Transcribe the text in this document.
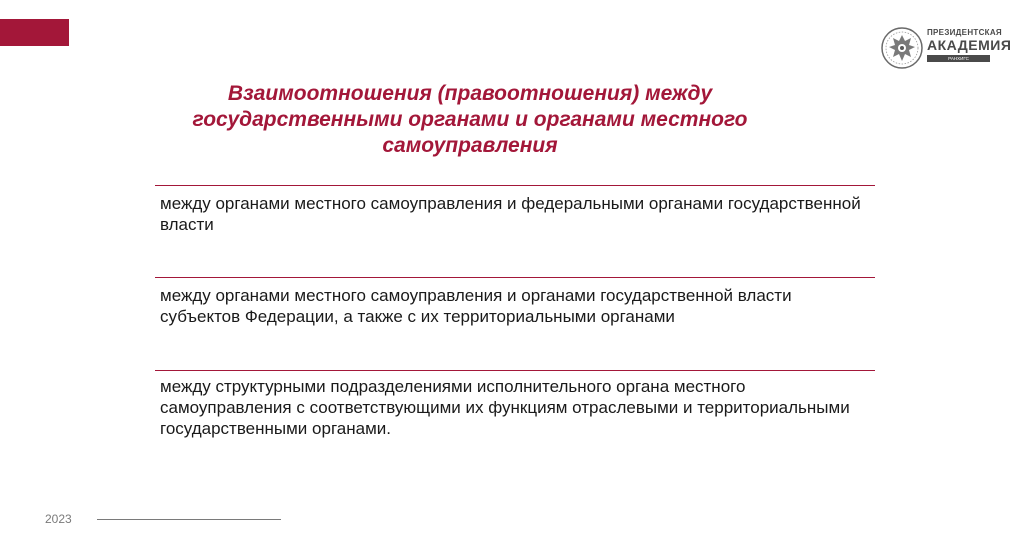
ПРЕЗИДЕНТСКАЯ
АКАДЕМИЯ
РАНХИГС
Взаимоотношения (правоотношения) между государственными органами и органами местного самоуправления
между органами местного самоуправления и федеральными органами государственной власти
между органами местного самоуправления и органами государственной власти субъектов Федерации, а также с их территориальными органами
между структурными подразделениями исполнительного органа местного самоуправления с соответствующими их функциям отраслевыми и территориальными государственными органами.
2023
